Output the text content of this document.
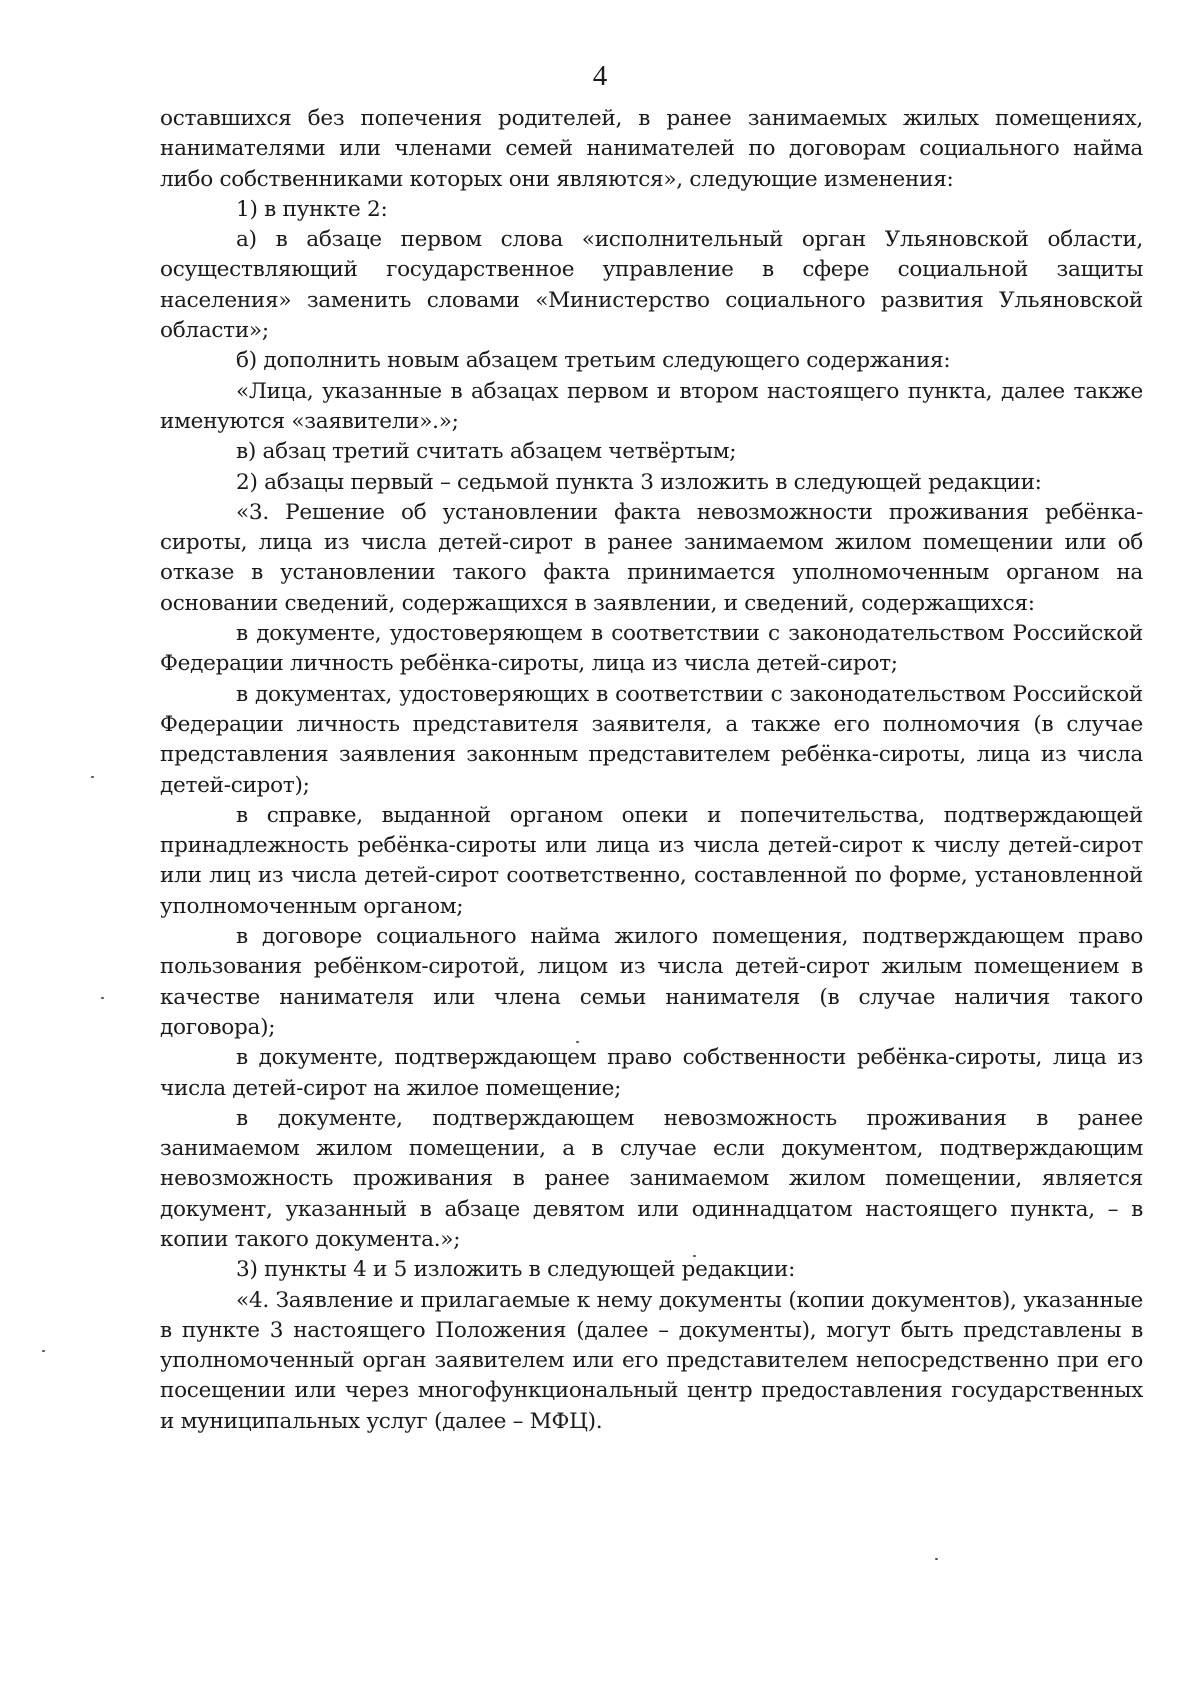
4

оставшихся без попечения родителей, в ранее занимаемых жилых помещениях, нанимателями или членами семей нанимателей по договорам социального найма либо собственниками которых они являются», следующие изменения:

1) в пункте 2:

а) в абзаце первом слова «исполнительный орган Ульяновской области, осуществляющий государственное управление в сфере социальной защиты населения» заменить словами «Министерство социального развития Ульяновской области»;

б) дополнить новым абзацем третьим следующего содержания:

«Лица, указанные в абзацах первом и втором настоящего пункта, далее также именуются «заявители».»;

в) абзац третий считать абзацем четвёртым;

2) абзацы первый – седьмой пункта 3 изложить в следующей редакции:

«3. Решение об установлении факта невозможности проживания ребёнка-сироты, лица из числа детей-сирот в ранее занимаемом жилом помещении или об отказе в установлении такого факта принимается уполномоченным органом на основании сведений, содержащихся в заявлении, и сведений, содержащихся:

в документе, удостоверяющем в соответствии с законодательством Российской Федерации личность ребёнка-сироты, лица из числа детей-сирот;

в документах, удостоверяющих в соответствии с законодательством Российской Федерации личность представителя заявителя, а также его полномочия (в случае представления заявления законным представителем ребёнка-сироты, лица из числа детей-сирот);

в справке, выданной органом опеки и попечительства, подтверждающей принадлежность ребёнка-сироты или лица из числа детей-сирот к числу детей-сирот или лиц из числа детей-сирот соответственно, составленной по форме, установленной уполномоченным органом;

в договоре социального найма жилого помещения, подтверждающем право пользования ребёнком-сиротой, лицом из числа детей-сирот жилым помещением в качестве нанимателя или члена семьи нанимателя (в случае наличия такого договора);

в документе, подтверждающем право собственности ребёнка-сироты, лица из числа детей-сирот на жилое помещение;

в документе, подтверждающем невозможность проживания в ранее занимаемом жилом помещении, а в случае если документом, подтверждающим невозможность проживания в ранее занимаемом жилом помещении, является документ, указанный в абзаце девятом или одиннадцатом настоящего пункта, – в копии такого документа.»;

3) пункты 4 и 5 изложить в следующей редакции:

«4. Заявление и прилагаемые к нему документы (копии документов), указанные в пункте 3 настоящего Положения (далее – документы), могут быть представлены в уполномоченный орган заявителем или его представителем непосредственно при его посещении или через многофункциональный центр предоставления государственных и муниципальных услуг (далее – МФЦ).
